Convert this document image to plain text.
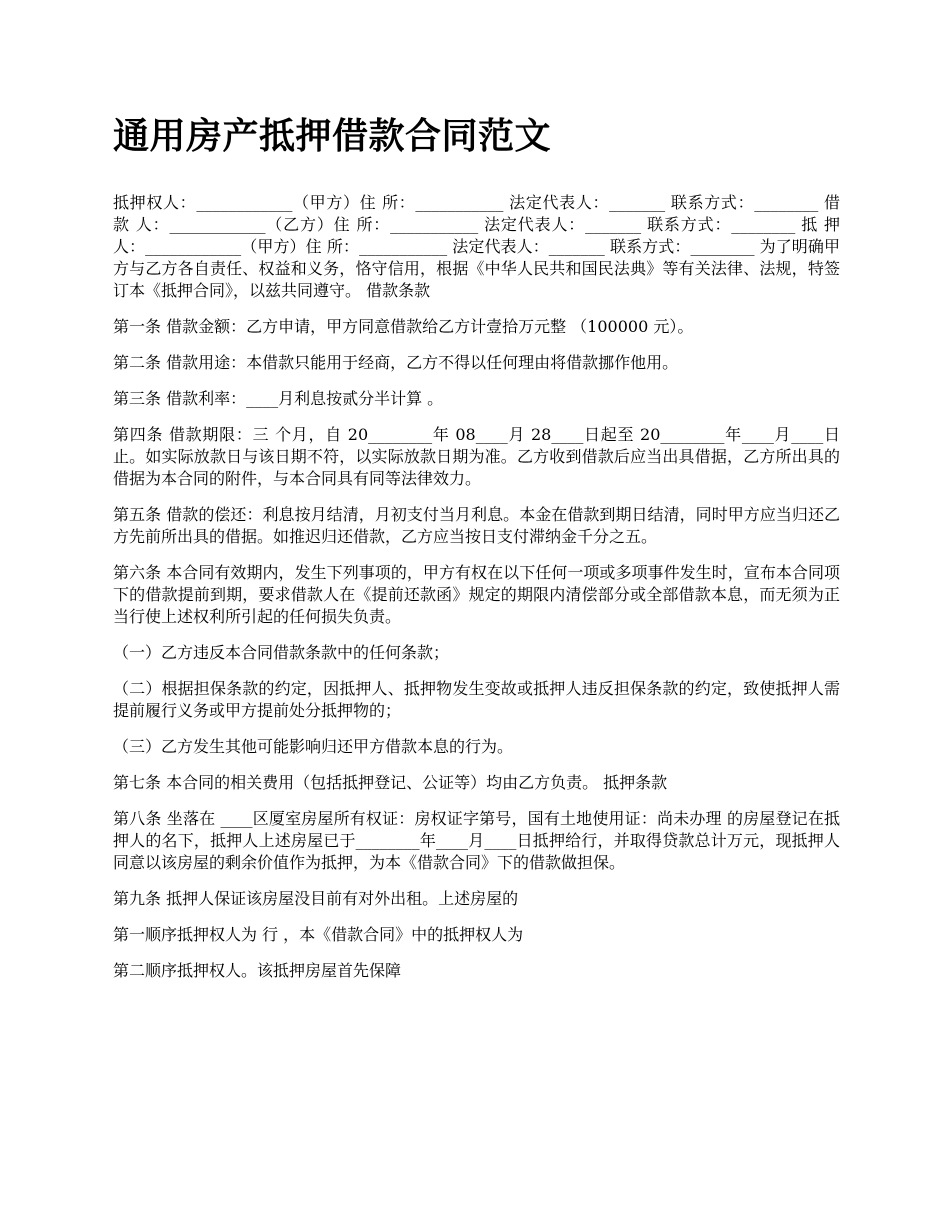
通用房产抵押借款合同范文

抵押权人：____________（甲方）住 所：___________ 法定代表人：_______ 联系方式：________ 借 款 人：____________（乙方）住 所：___________ 法定代表人：_______ 联系方式：________ 抵 押 人：____________（甲方）住 所：___________ 法定代表人：_______ 联系方式：________ 为了明确甲方与乙方各自责任、权益和义务，恪守信用，根据《中华人民共和国民法典》等有关法律、法规，特签订本《抵押合同》，以兹共同遵守。 借款条款

第一条 借款金额：乙方申请，甲方同意借款给乙方计壹拾万元整 （100000 元）。

第二条 借款用途：本借款只能用于经商，乙方不得以任何理由将借款挪作他用。

第三条 借款利率：____月利息按贰分半计算 。

第四条 借款期限：三 个月，自 20________年 08____月 28____日起至 20________年____月____日止。如实际放款日与该日期不符，以实际放款日期为准。乙方收到借款后应当出具借据，乙方所出具的借据为本合同的附件，与本合同具有同等法律效力。

第五条 借款的偿还：利息按月结清，月初支付当月利息。本金在借款到期日结清，同时甲方应当归还乙方先前所出具的借据。如推迟归还借款，乙方应当按日支付滞纳金千分之五。

第六条 本合同有效期内，发生下列事项的，甲方有权在以下任何一项或多项事件发生时，宣布本合同项下的借款提前到期，要求借款人在《提前还款函》规定的期限内清偿部分或全部借款本息，而无须为正当行使上述权利所引起的任何损失负责。

（一）乙方违反本合同借款条款中的任何条款；

（二）根据担保条款的约定，因抵押人、抵押物发生变故或抵押人违反担保条款的约定，致使抵押人需提前履行义务或甲方提前处分抵押物的；

（三）乙方发生其他可能影响归还甲方借款本息的行为。

第七条 本合同的相关费用（包括抵押登记、公证等）均由乙方负责。 抵押条款

第八条 坐落在 ____区厦室房屋所有权证：房权证字第号，国有土地使用证：尚未办理 的房屋登记在抵押人的名下，抵押人上述房屋已于________年____月____日抵押给行，并取得贷款总计万元，现抵押人同意以该房屋的剩余价值作为抵押，为本《借款合同》下的借款做担保。

第九条 抵押人保证该房屋没目前有对外出租。上述房屋的

第一顺序抵押权人为 行 ，本《借款合同》中的抵押权人为

第二顺序抵押权人。该抵押房屋首先保障
